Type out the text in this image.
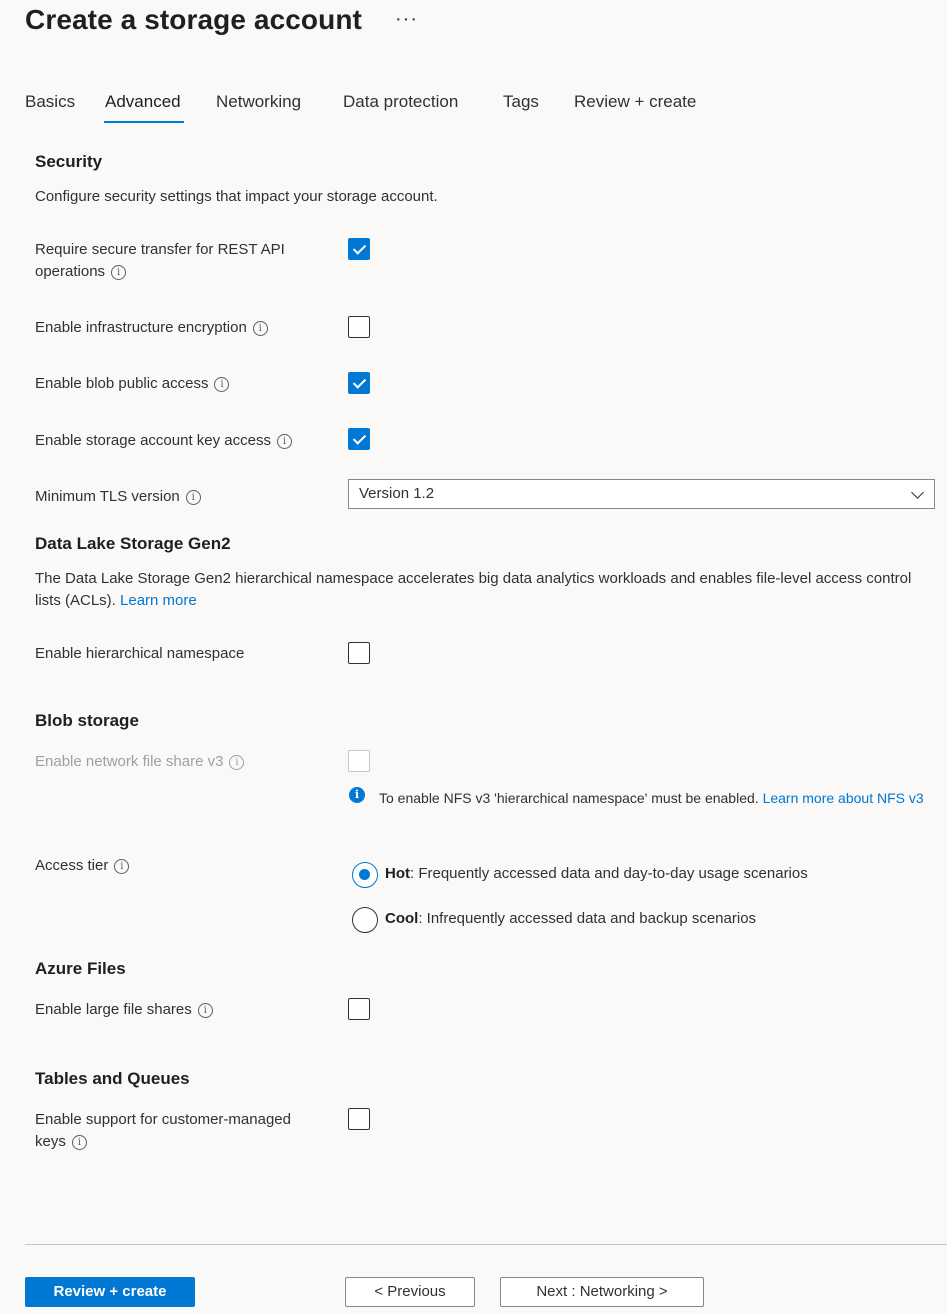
Create a storage account ···
Basics Advanced Networking Data protection	Tags Review + create
Security
Configure security settings that impact your storage account.
Require secure transfer for REST API
operations i
Enable infrastructure encryption i
Enable blob public access i
Enable storage account key access i
Minimum TLS version i	Version 1.2
Data Lake Storage Gen2
The Data Lake Storage Gen2 hierarchical namespace accelerates big data analytics workloads and enables file-level access control lists (ACLs). Learn more
Enable hierarchical namespace
Blob storage
Enable network file share v3 i
i	To enable NFS v3 'hierarchical namespace' must be enabled. Learn more about NFS v3
Access tier i	Hot: Frequently accessed data and day-to-day usage scenarios
Cool: Infrequently accessed data and backup scenarios
Azure Files
Enable large file shares i
Tables and Queues
Enable support for customer-managed
keys i
Review + create	< Previous	Next : Networking >
